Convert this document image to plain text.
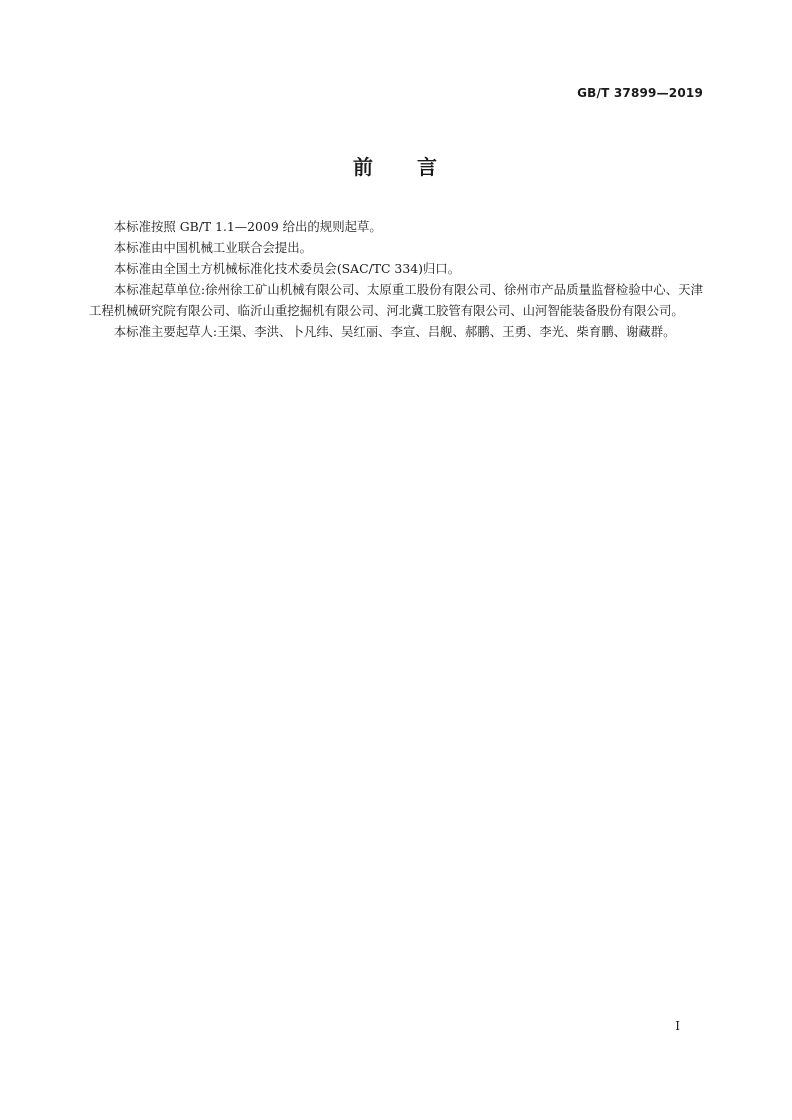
GB/T 37899—2019
前 言

本标准按照 GB/T 1.1—2009 给出的规则起草。

本标准由中国机械工业联合会提出。

本标准由全国土方机械标准化技术委员会(SAC/TC 334)归口。

本标准起草单位:徐州徐工矿山机械有限公司、太原重工股份有限公司、徐州市产品质量监督检验中心、天津工程机械研究院有限公司、临沂山重挖掘机有限公司、河北冀工胶管有限公司、山河智能装备股份有限公司。

本标准主要起草人:王渠、李洪、卜凡纬、吴红丽、李宣、吕舰、郝鹏、王勇、李光、柴育鹏、谢藏群。

I
